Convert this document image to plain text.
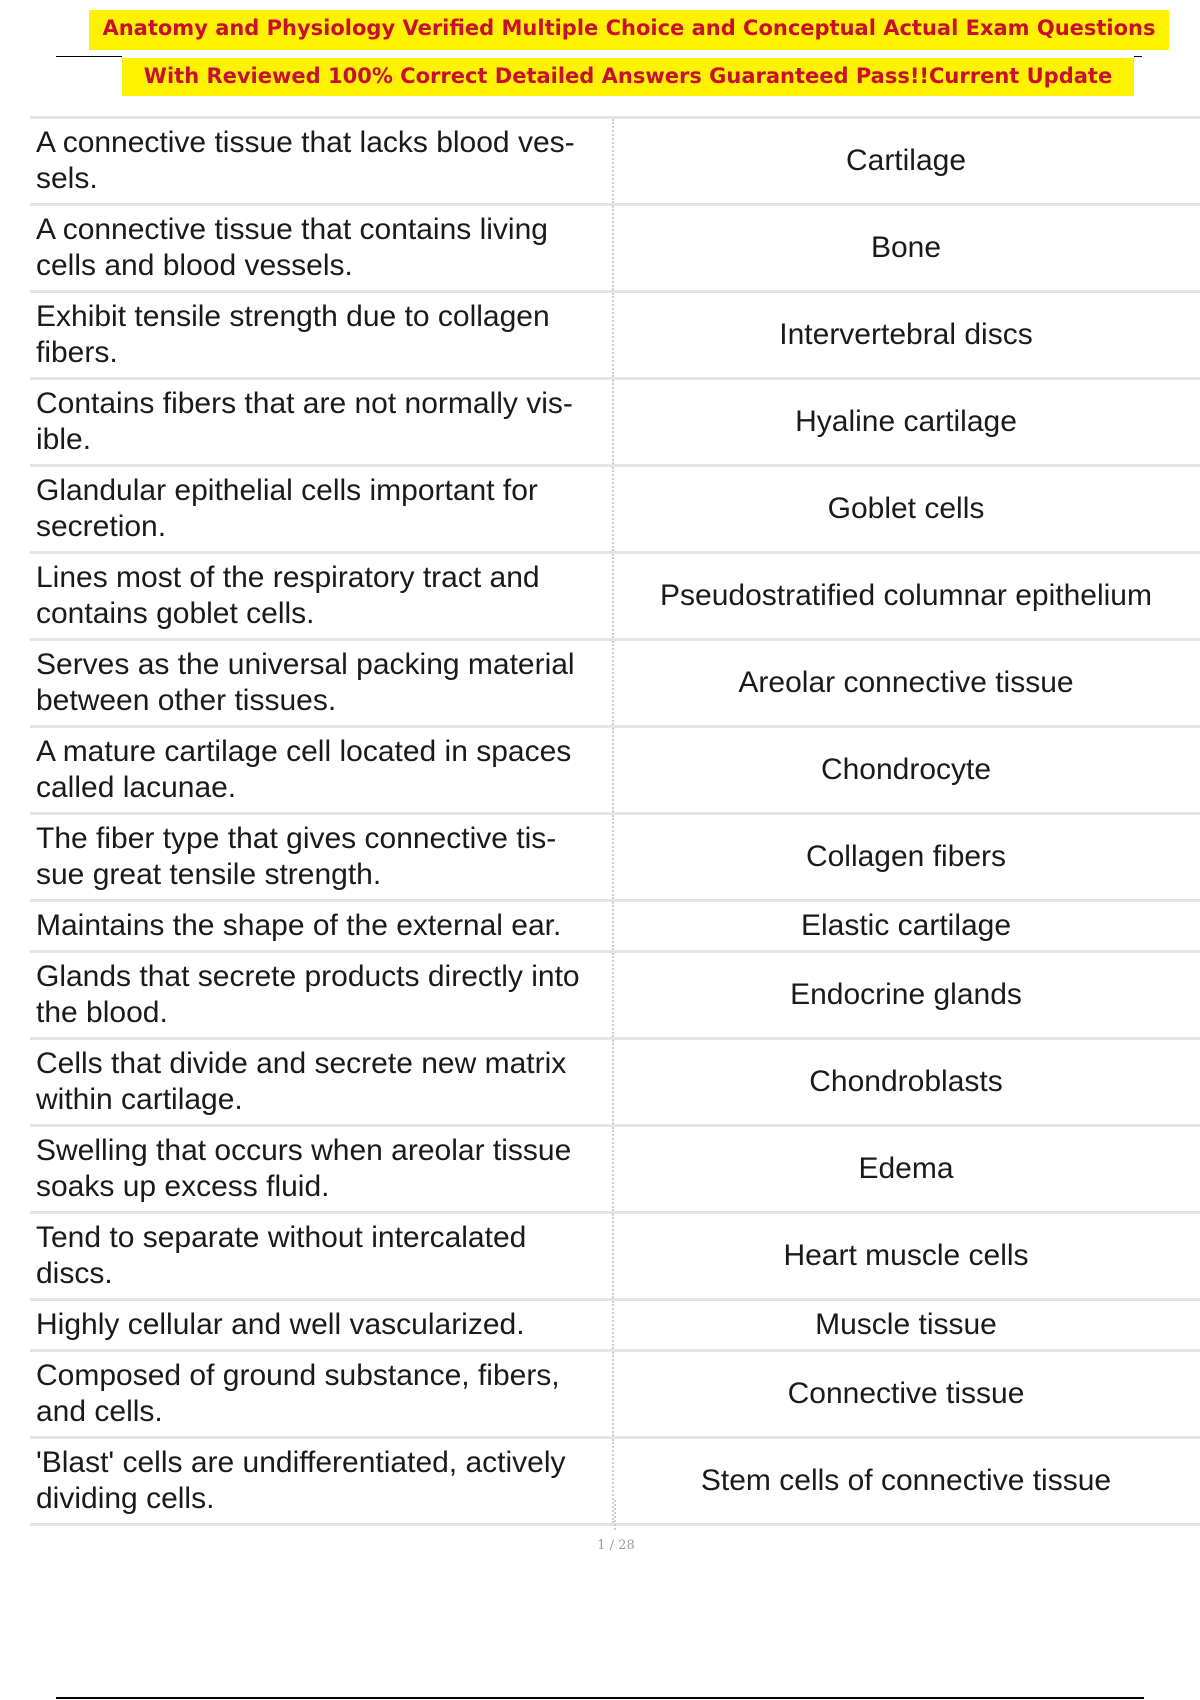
Anatomy and Physiology Verified Multiple Choice and Conceptual Actual Exam Questions
With Reviewed 100% Correct Detailed Answers Guaranteed Pass!!Current Update
A connective tissue that lacks blood ves-sels.	Cartilage
A connective tissue that contains living cells and blood vessels.	Bone
Exhibit tensile strength due to collagen fibers.	Intervertebral discs
Contains fibers that are not normally vis-ible.	Hyaline cartilage
Glandular epithelial cells important for secretion.	Goblet cells
Lines most of the respiratory tract and contains goblet cells.	Pseudostratified columnar epithelium
Serves as the universal packing material between other tissues.	Areolar connective tissue
A mature cartilage cell located in spaces called lacunae.	Chondrocyte
The fiber type that gives connective tis-sue great tensile strength.	Collagen fibers
Maintains the shape of the external ear.	Elastic cartilage
Glands that secrete products directly into the blood.	Endocrine glands
Cells that divide and secrete new matrix within cartilage.	Chondroblasts
Swelling that occurs when areolar tissue soaks up excess fluid.	Edema
Tend to separate without intercalated discs.	Heart muscle cells
Highly cellular and well vascularized.	Muscle tissue
Composed of ground substance, fibers, and cells.	Connective tissue
'Blast' cells are undifferentiated, actively dividing cells.	Stem cells of connective tissue
1 / 28
